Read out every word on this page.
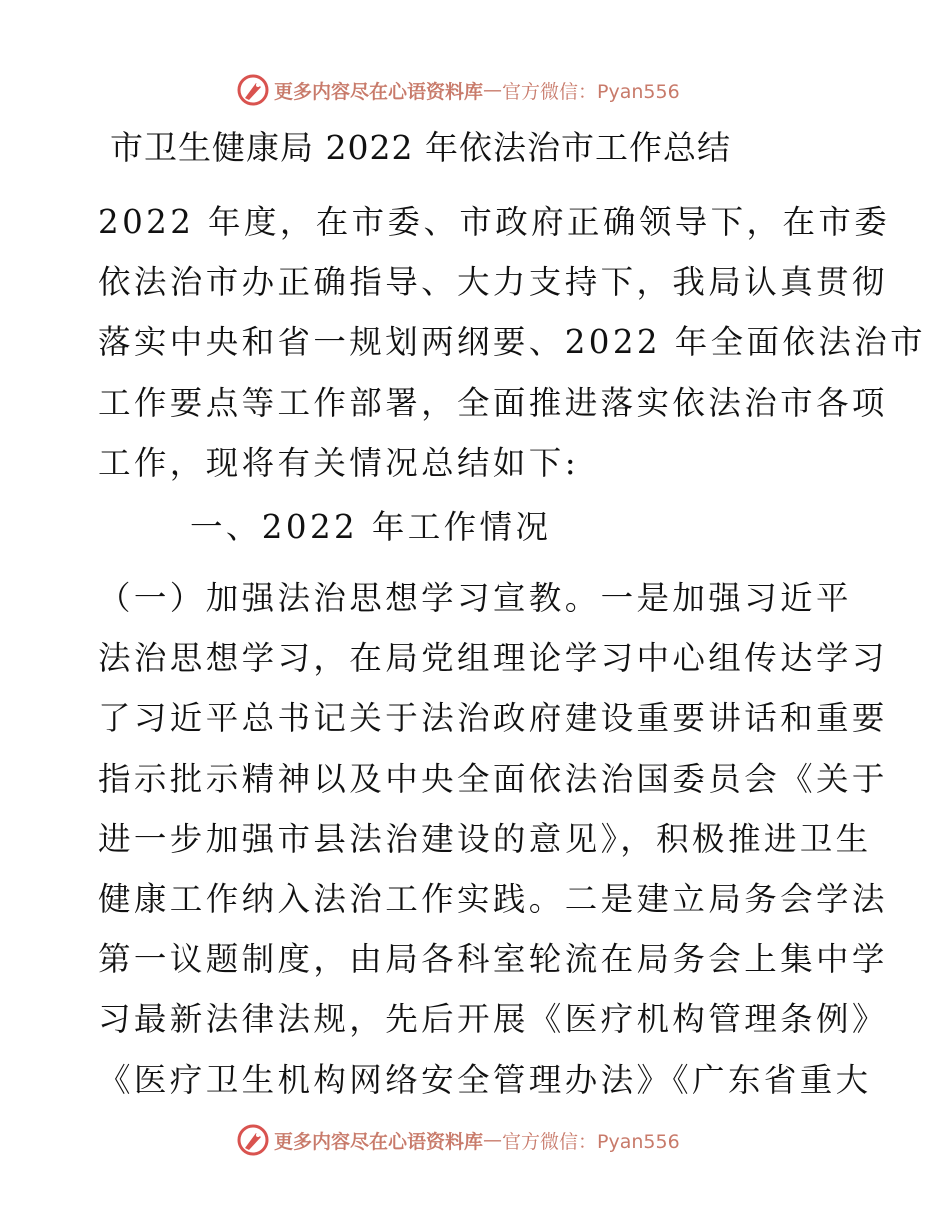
更多内容尽在心语资料库 — 官方微信：Pyan556
市卫生健康局 2022 年依法治市工作总结

2022 年度，在市委、市政府正确领导下，在市委
依法治市办正确指导、大力支持下，我局认真贯彻
落实中央和省一规划两纲要、2022 年全面依法治市
工作要点等工作部署，全面推进落实依法治市各项
工作，现将有关情况总结如下:

一、2022 年工作情况

（一）加强法治思想学习宣教。一是加强习近平
法治思想学习，在局党组理论学习中心组传达学习
了习近平总书记关于法治政府建设重要讲话和重要
指示批示精神以及中央全面依法治国委员会《关于
进一步加强市县法治建设的意见》，积极推进卫生
健康工作纳入法治工作实践。二是建立局务会学法
第一议题制度，由局各科室轮流在局务会上集中学
习最新法律法规，先后开展《医疗机构管理条例》
《医疗卫生机构网络安全管理办法》《广东省重大

更多内容尽在心语资料库 — 官方微信：Pyan556
